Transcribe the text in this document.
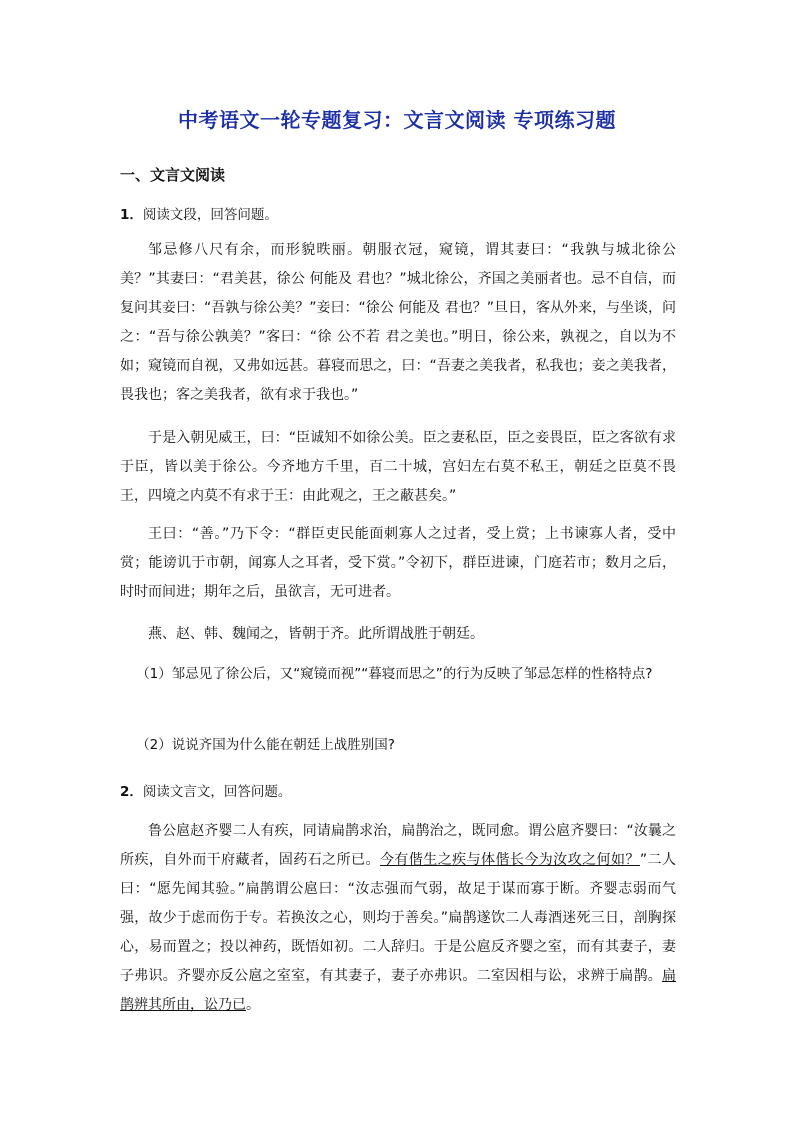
中考语文一轮专题复习：文言文阅读 专项练习题
一、文言文阅读
1．阅读文段，回答问题。
邹忌修八尺有余，而形貌昳丽。朝服衣冠，窥镜，谓其妻曰：“我孰与城北徐公美？”其妻曰：“君美甚，徐公 何能及 君也？”城北徐公，齐国之美丽者也。忌不自信，而复问其妾曰：“吾孰与徐公美？”妾曰：“徐公 何能及 君也？”旦日，客从外来，与坐谈，问之：“吾与徐公孰美？”客曰：“徐 公不若 君之美也。”明日，徐公来，孰视之，自以为不如；窥镜而自视，又弗如远甚。暮寝而思之，曰：“吾妻之美我者，私我也；妾之美我者，畏我也；客之美我者，欲有求于我也。”
于是入朝见威王，曰：“臣诚知不如徐公美。臣之妻私臣，臣之妾畏臣，臣之客欲有求于臣，皆以美于徐公。今齐地方千里，百二十城，宫妇左右莫不私王，朝廷之臣莫不畏王，四境之内莫不有求于王：由此观之，王之蔽甚矣。”
王曰：“善。”乃下令：“群臣吏民能面刺寡人之过者，受上赏；上书谏寡人者，受中赏；能谤讥于市朝，闻寡人之耳者，受下赏。”令初下，群臣进谏，门庭若市；数月之后，时时而间进；期年之后，虽欲言，无可进者。
燕、赵、韩、魏闻之，皆朝于齐。此所谓战胜于朝廷。
（1）邹忌见了徐公后，又“窥镜而视”“暮寝而思之”的行为反映了邹忌怎样的性格特点?
（2）说说齐国为什么能在朝廷上战胜别国?
2．阅读文言文，回答问题。
鲁公扈赵齐婴二人有疾，同请扁鹊求治，扁鹊治之，既同愈。谓公扈齐婴曰：“汝曩之所疾，自外而干府藏者，固药石之所已。今有偕生之疾与体偕长今为汝攻之何如？”二人曰：“愿先闻其验。”扁鹊谓公扈曰：“汝志强而气弱，故足于谋而寡于断。齐婴志弱而气强，故少于虑而伤于专。若换汝之心，则均于善矣。”扁鹊遂饮二人毒酒迷死三日，剖胸探心，易而置之；投以神药，既悟如初。二人辞归。于是公扈反齐婴之室，而有其妻子，妻子弗识。齐婴亦反公扈之室室，有其妻子，妻子亦弗识。二室因相与讼，求辨于扁鹊。扁鹊辨其所由，讼乃已。
